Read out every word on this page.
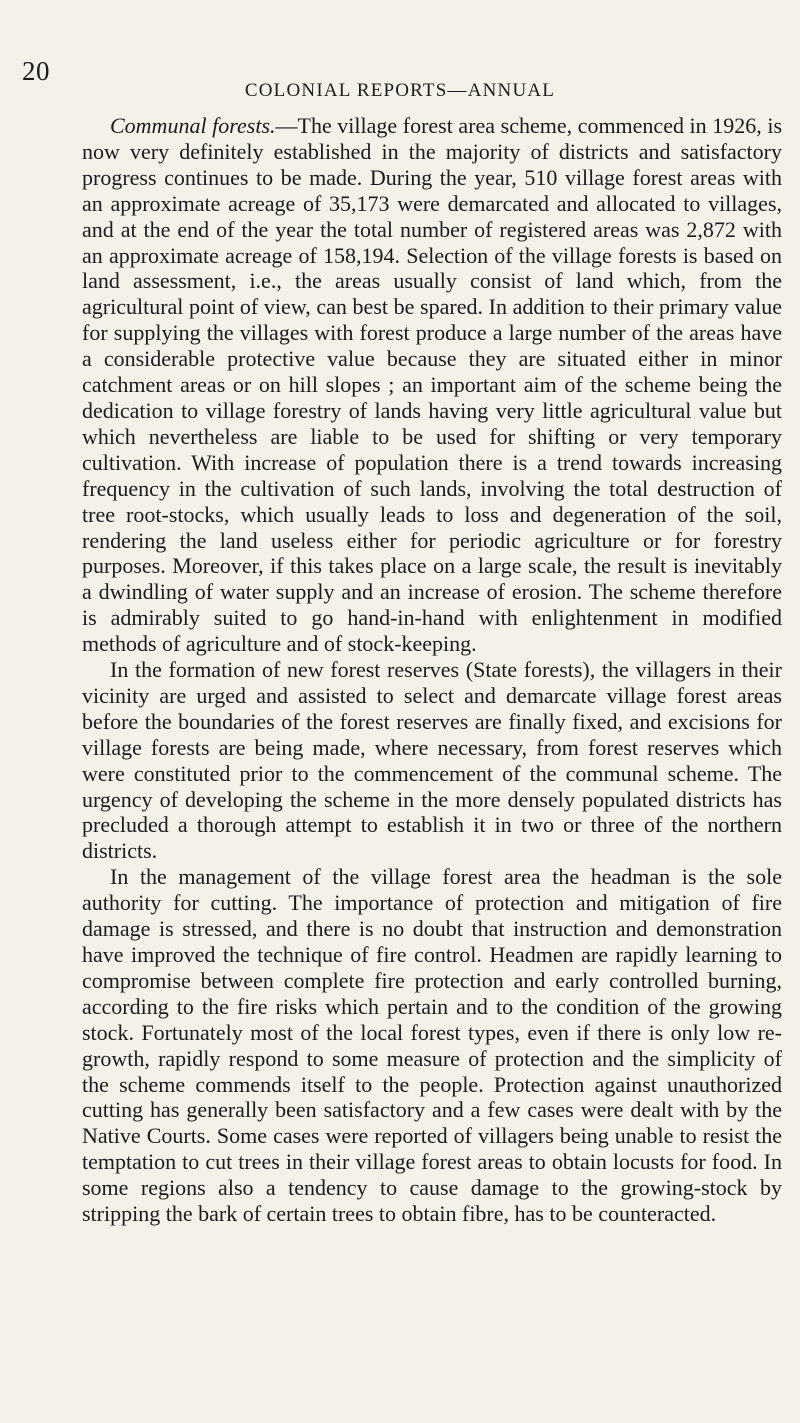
20
COLONIAL REPORTS—ANNUAL

Communal forests.—The village forest area scheme, commenced in 1926, is now very definitely established in the majority of districts and satisfactory progress continues to be made. During the year, 510 village forest areas with an approximate acreage of 35,173 were demarcated and allocated to villages, and at the end of the year the total number of registered areas was 2,872 with an approximate acreage of 158,194. Selection of the village forests is based on land assessment, i.e., the areas usually consist of land which, from the agricultural point of view, can best be spared. In addition to their primary value for supplying the villages with forest produce a large number of the areas have a considerable protective value because they are situated either in minor catchment areas or on hill slopes ; an important aim of the scheme being the dedication to village forestry of lands having very little agricultural value but which nevertheless are liable to be used for shifting or very temporary cultivation. With increase of population there is a trend towards increasing frequency in the cultivation of such lands, involving the total destruction of tree root-stocks, which usually leads to loss and degeneration of the soil, rendering the land useless either for periodic agriculture or for forestry purposes. Moreover, if this takes place on a large scale, the result is inevitably a dwindling of water supply and an increase of erosion. The scheme therefore is admirably suited to go hand-in-hand with enlightenment in modified methods of agriculture and of stock-keeping.

In the formation of new forest reserves (State forests), the villagers in their vicinity are urged and assisted to select and demarcate village forest areas before the boundaries of the forest reserves are finally fixed, and excisions for village forests are being made, where necessary, from forest reserves which were constituted prior to the commencement of the communal scheme. The urgency of developing the scheme in the more densely populated districts has precluded a thorough attempt to establish it in two or three of the northern districts.

In the management of the village forest area the headman is the sole authority for cutting. The importance of protection and mitigation of fire damage is stressed, and there is no doubt that instruction and demonstration have improved the technique of fire control. Headmen are rapidly learning to compromise between complete fire protection and early controlled burning, according to the fire risks which pertain and to the condition of the growing stock. Fortunately most of the local forest types, even if there is only low re-growth, rapidly respond to some measure of protection and the simplicity of the scheme commends itself to the people. Protection against unauthorized cutting has generally been satisfactory and a few cases were dealt with by the Native Courts. Some cases were reported of villagers being unable to resist the temptation to cut trees in their village forest areas to obtain locusts for food. In some regions also a tendency to cause damage to the growing-stock by stripping the bark of certain trees to obtain fibre, has to be counteracted.
